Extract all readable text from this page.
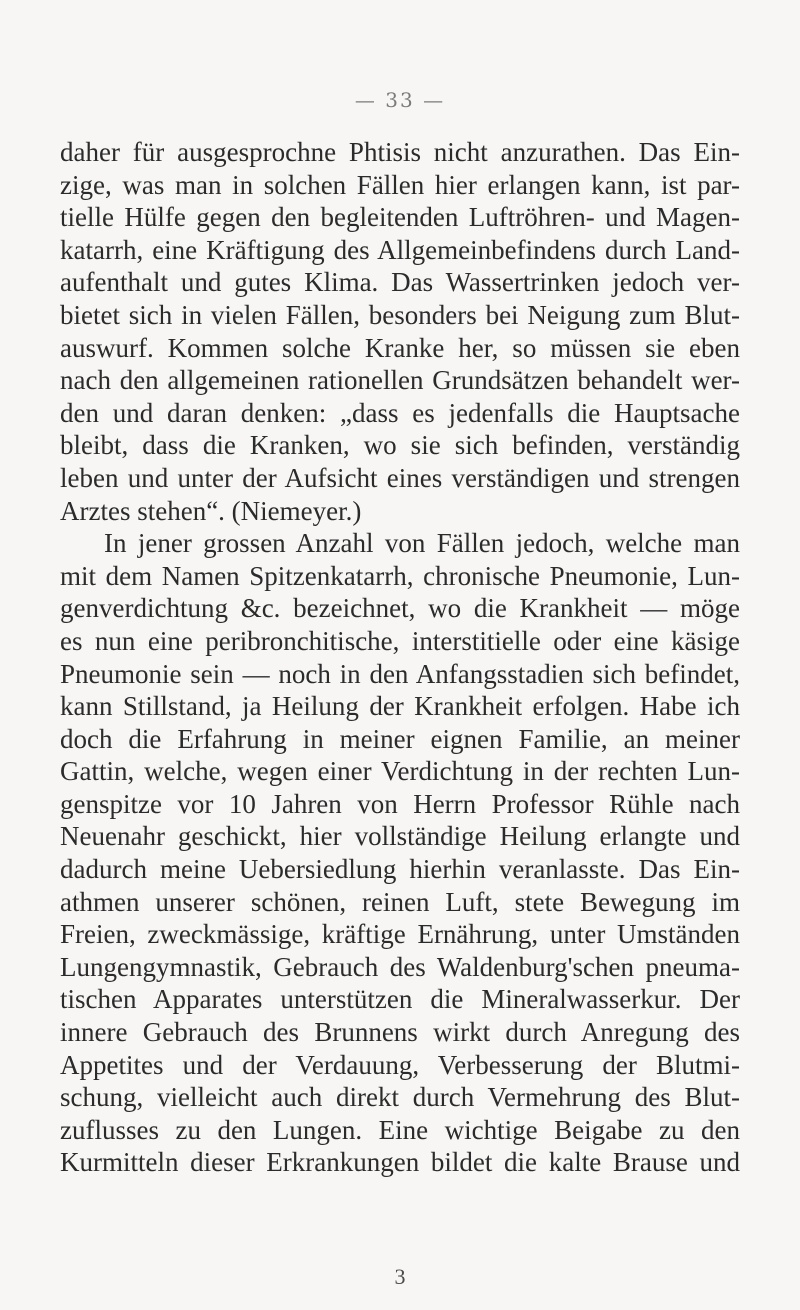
— 33 —
daher für ausgesprochne Phtisis nicht anzurathen. Das Ein-
zige, was man in solchen Fällen hier erlangen kann, ist par-
tielle Hülfe gegen den begleitenden Luftröhren- und Magen-
katarrh, eine Kräftigung des Allgemeinbefindens durch Land-
aufenthalt und gutes Klima. Das Wassertrinken jedoch ver-
bietet sich in vielen Fällen, besonders bei Neigung zum Blut-
auswurf. Kommen solche Kranke her, so müssen sie eben
nach den allgemeinen rationellen Grundsätzen behandelt wer-
den und daran denken: „dass es jedenfalls die Hauptsache
bleibt, dass die Kranken, wo sie sich befinden, verständig
leben und unter der Aufsicht eines verständigen und strengen
Arztes stehen“. (Niemeyer.)
In jener grossen Anzahl von Fällen jedoch, welche man
mit dem Namen Spitzenkatarrh, chronische Pneumonie, Lun-
genverdichtung &c. bezeichnet, wo die Krankheit — möge
es nun eine peribronchitische, interstitielle oder eine käsige
Pneumonie sein — noch in den Anfangsstadien sich befindet,
kann Stillstand, ja Heilung der Krankheit erfolgen. Habe ich
doch die Erfahrung in meiner eignen Familie, an meiner
Gattin, welche, wegen einer Verdichtung in der rechten Lun-
genspitze vor 10 Jahren von Herrn Professor Rühle nach
Neuenahr geschickt, hier vollständige Heilung erlangte und
dadurch meine Uebersiedlung hierhin veranlasste. Das Ein-
athmen unserer schönen, reinen Luft, stete Bewegung im
Freien, zweckmässige, kräftige Ernährung, unter Umständen
Lungengymnastik, Gebrauch des Waldenburg'schen pneuma-
tischen Apparates unterstützen die Mineralwasserkur. Der
innere Gebrauch des Brunnens wirkt durch Anregung des
Appetites und der Verdauung, Verbesserung der Blutmi-
schung, vielleicht auch direkt durch Vermehrung des Blut-
zuflusses zu den Lungen. Eine wichtige Beigabe zu den
Kurmitteln dieser Erkrankungen bildet die kalte Brause und
3
